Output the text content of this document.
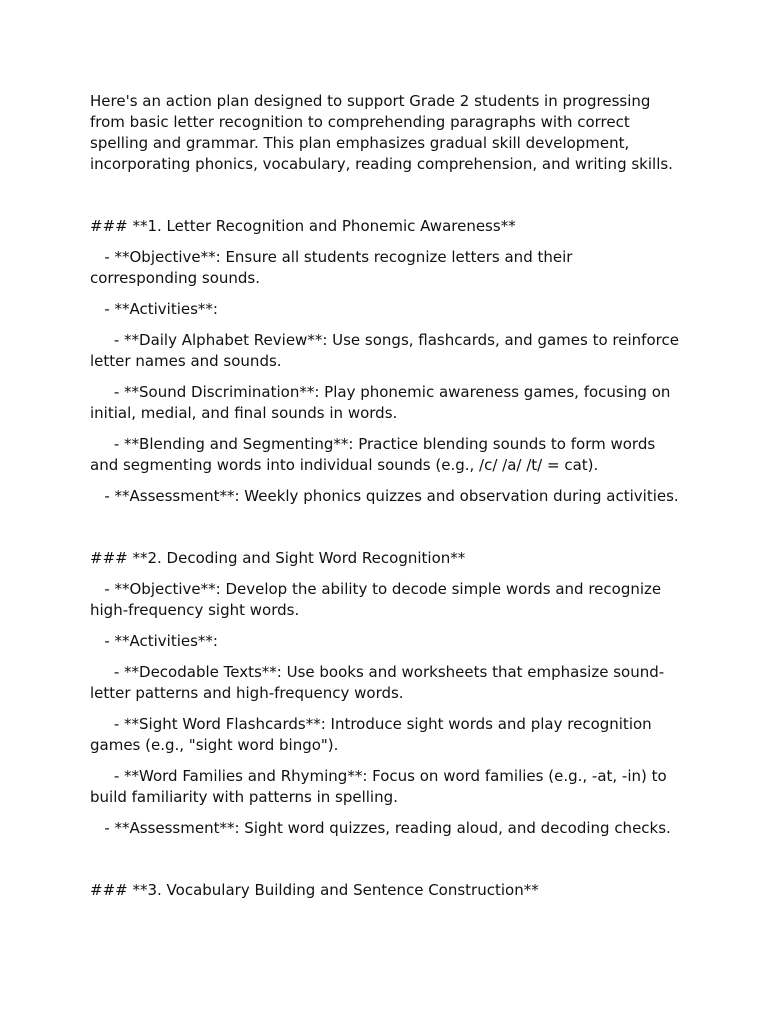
Here's an action plan designed to support Grade 2 students in progressing from basic letter recognition to comprehending paragraphs with correct spelling and grammar. This plan emphasizes gradual skill development, incorporating phonics, vocabulary, reading comprehension, and writing skills.

### **1. Letter Recognition and Phonemic Awareness**

- **Objective**: Ensure all students recognize letters and their corresponding sounds.

- **Activities**:

- **Daily Alphabet Review**: Use songs, flashcards, and games to reinforce letter names and sounds.

- **Sound Discrimination**: Play phonemic awareness games, focusing on initial, medial, and final sounds in words.

- **Blending and Segmenting**: Practice blending sounds to form words and segmenting words into individual sounds (e.g., /c/ /a/ /t/ = cat).

- **Assessment**: Weekly phonics quizzes and observation during activities.

### **2. Decoding and Sight Word Recognition**

- **Objective**: Develop the ability to decode simple words and recognize high-frequency sight words.

- **Activities**:

- **Decodable Texts**: Use books and worksheets that emphasize sound-letter patterns and high-frequency words.

- **Sight Word Flashcards**: Introduce sight words and play recognition games (e.g., "sight word bingo").

- **Word Families and Rhyming**: Focus on word families (e.g., -at, -in) to build familiarity with patterns in spelling.

- **Assessment**: Sight word quizzes, reading aloud, and decoding checks.

### **3. Vocabulary Building and Sentence Construction**
